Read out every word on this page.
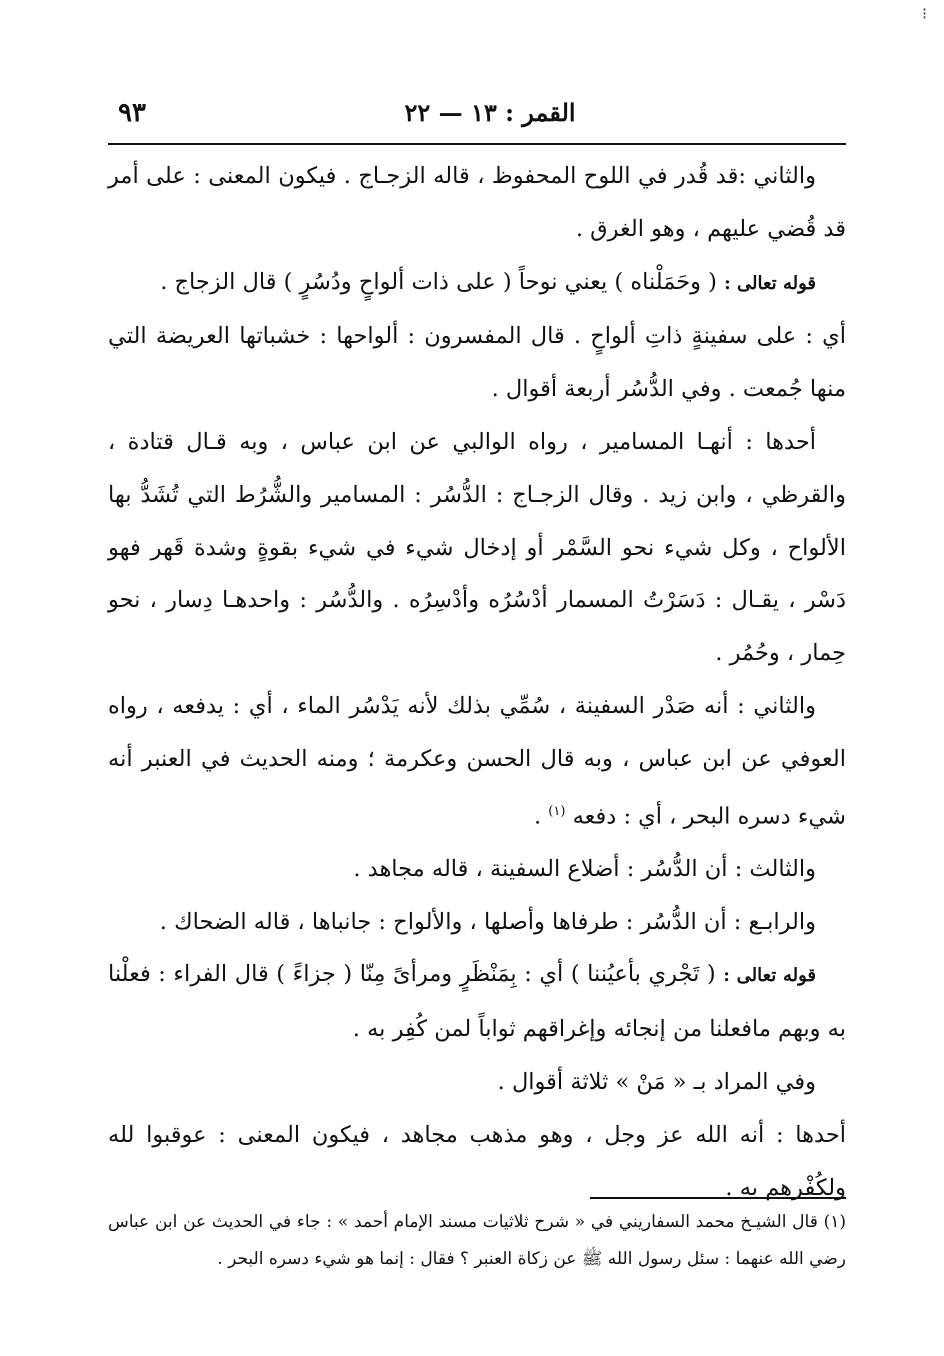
⁝
٩٣	القمر : ١٣ — ٢٢

والثاني :قد قُدر في اللوح المحفوظ ، قاله الزجـاج . فيكون المعنى : على أمر قد قُضي عليهم ، وهو الغرق .

قوله تعالى : ( وحَمَلْناه ) يعني نوحاً ( على ذات ألواحٍ ودُسُرٍ ) قال الزجاج .

أي : على سفينةٍ ذاتِ ألواحٍ . قال المفسرون : ألواحها : خشباتها العريضة التي منها جُمعت . وفي الدُّسُر أربعة أقوال .

أحدها : أنهـا المسامير ، رواه الوالبي عن ابن عباس ، وبه قـال قتادة ، والقرظي ، وابن زيد . وقال الزجـاج : الدُّسُر : المسامير والشُّرُط التي تُشَدُّ بها الألواح ، وكل شيء نحو السَّمْر أو إدخال شيء في شيء بقوةٍ وشدة قَهر فهو دَسْر ، يقـال : دَسَرْتُ المسمار أدْسُرُه وأدْسِرُه . والدُّسُر : واحدهـا دِسار ، نحو حِمار ، وحُمُر .

والثاني : أنه صَدْر السفينة ، سُمِّي بذلك لأنه يَدْسُر الماء ، أي : يدفعه ، رواه العوفي عن ابن عباس ، وبه قال الحسن وعكرمة ؛ ومنه الحديث في العنبر أنه شيء دسره البحر ، أي : دفعه $^{(١)}$ .

والثالث : أن الدُّسُر : أضلاع السفينة ، قاله مجاهد .

والرابـع : أن الدُّسُر : طرفاها وأصلها ، والألواح : جانباها ، قاله الضحاك .

قوله تعالى : ( تَجْري بأعيُننا ) أي : بِمَنْظَرٍ ومرأىً مِنّا ( جزاءً ) قال الفراء : فعلْنا به وبهم مافعلنا من إنجائه وإغراقهم ثواباً لمن كُفِر به .

وفي المراد بـ « مَنْ » ثلاثة أقوال .

أحدها : أنه الله عز وجل ، وهو مذهب مجاهد ، فيكون المعنى : عوقبوا لله ولكُفْرهم به .

(١) قال الشيـخ محمد السفاريني في « شرح ثلاثيات مسند الإمام أحمد » : جاء في الحديث عن ابن عباس رضي الله عنهما : سئل رسول الله ﷺ عن زكاة العنبر ؟ فقال : إنما هو شيء دسره البحر .
